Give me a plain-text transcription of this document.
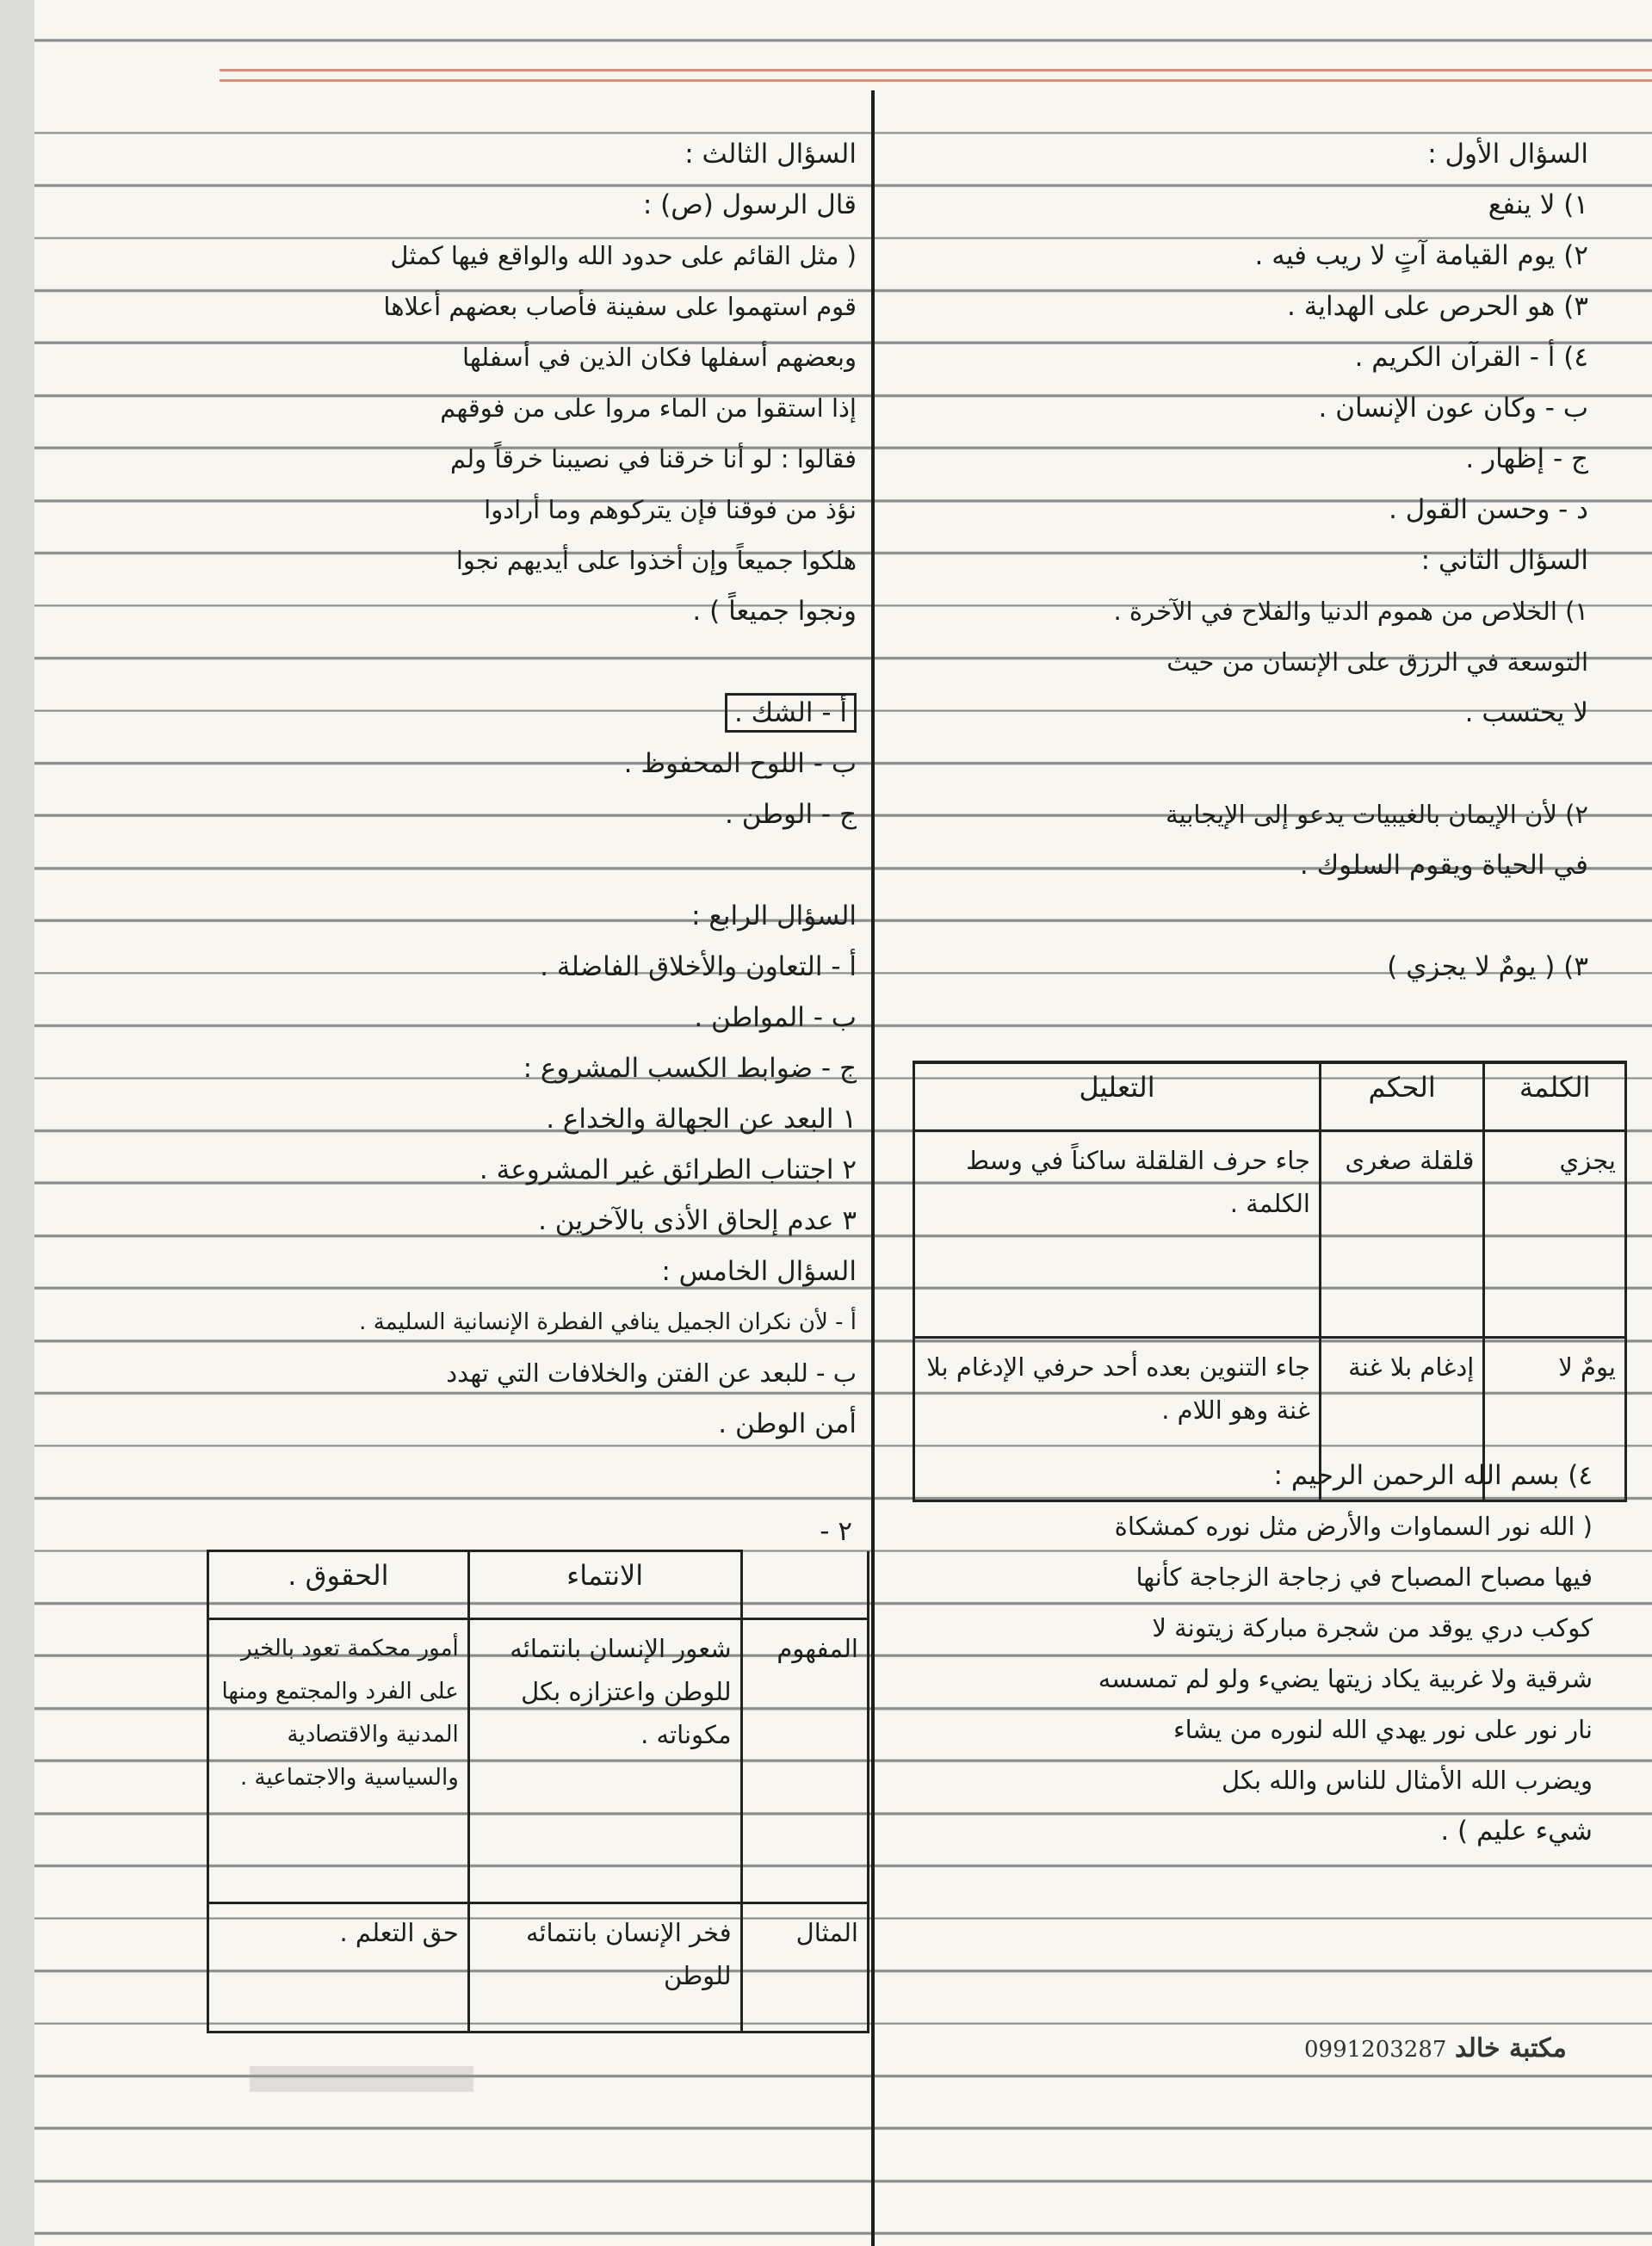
السؤال الأول :
١) لا ينفع
٢) يوم القيامة آتٍ لا ريب فيه .
٣) هو الحرص على الهداية .
٤) أ - القرآن الكريم .
ب - وكان عون الإنسان .
ج - إظهار .
د - وحسن القول .
السؤال الثاني :
١) الخلاص من هموم الدنيا والفلاح في الآخرة .
التوسعة في الرزق على الإنسان من حيث
لا يحتسب .
٢) لأن الإيمان بالغيبيات يدعو إلى الإيجابية
في الحياة ويقوم السلوك .
٣) ( يومٌ لا يجزي )
الكلمة	الحكم	التعليل
يجزي	قلقلة صغرى	جاء حرف القلقلة ساكناً في وسط الكلمة .
يومٌ لا	إدغام بلا غنة	جاء التنوين بعده أحد حرفي الإدغام بلا غنة وهو اللام .
٤) بسم الله الرحمن الرحيم :
( الله نور السماوات والأرض مثل نوره كمشكاة
فيها مصباح المصباح في زجاجة الزجاجة كأنها
كوكب دري يوقد من شجرة مباركة زيتونة لا
شرقية ولا غربية يكاد زيتها يضيء ولو لم تمسسه
نار نور على نور يهدي الله لنوره من يشاء
ويضرب الله الأمثال للناس والله بكل
شيء عليم ) .
السؤال الثالث :
قال الرسول (ص) :
( مثل القائم على حدود الله والواقع فيها كمثل
قوم استهموا على سفينة فأصاب بعضهم أعلاها
وبعضهم أسفلها فكان الذين في أسفلها
إذا استقوا من الماء مروا على من فوقهم
فقالوا : لو أنا خرقنا في نصيبنا خرقاً ولم
نؤذ من فوقنا فإن يتركوهم وما أرادوا
هلكوا جميعاً وإن أخذوا على أيديهم نجوا
ونجوا جميعاً ) .
أ - الشك .
ب - اللوح المحفوظ .
ج - الوطن .
السؤال الرابع :
أ - التعاون والأخلاق الفاضلة .
ب - المواطن .
ج - ضوابط الكسب المشروع :
١ البعد عن الجهالة والخداع .
٢ اجتناب الطرائق غير المشروعة .
٣ عدم إلحاق الأذى بالآخرين .
السؤال الخامس :
أ - لأن نكران الجميل ينافي الفطرة الإنسانية السليمة .
ب - للبعد عن الفتن والخلافات التي تهدد
أمن الوطن .
٢ -
	الانتماء	الحقوق .
المفهوم	شعور الإنسان بانتمائه للوطن واعتزازه بكل مكوناته .	أمور محكمة تعود بالخير على الفرد والمجتمع ومنها المدنية والاقتصادية والسياسية والاجتماعية .
المثال	فخر الإنسان بانتمائه للوطن	حق التعلم .
مكتبة خالد 0991203287
